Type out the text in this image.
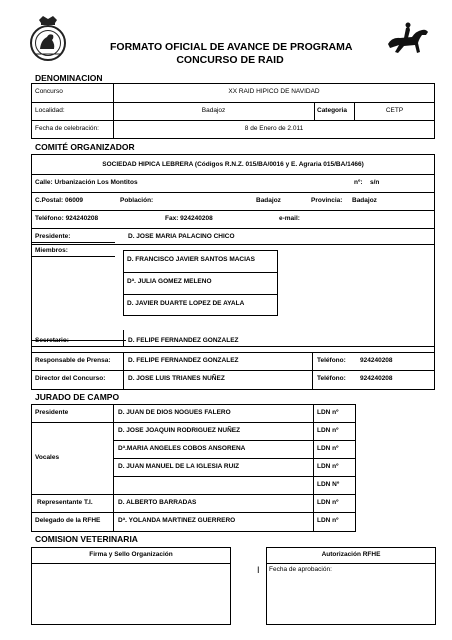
FORMATO OFICIAL DE AVANCE DE PROGRAMA
CONCURSO DE RAID
DENOMINACION
Concurso	XX RAID HIPICO DE NAVIDAD
Localidad:	Badajoz	Categoria	CETP
Fecha de celebración:	8 de Enero de 2.011
COMITÉ ORGANIZADOR
SOCIEDAD HIPICA LEBRERA (Códigos R.N.Z. 015/BA/0016 y E. Agraria 015/BA/1466)
Calle: Urbanización Los Montitos	nº: s/n
C.Postal: 06009	Población:	Badajoz	Provincia: Badajoz
Teléfono: 924240208	Fax: 924240208	e-mail:
Presidente:	D. JOSE MARIA PALACINO CHICO
Miembros:
D. FRANCISCO JAVIER SANTOS MACIAS
Dª. JULIA GOMEZ MELENO
D. JAVIER DUARTE LOPEZ DE AYALA
Secretario:	D. FELIPE FERNANDEZ GONZALEZ
Responsable de Prensa:	D. FELIPE FERNANDEZ GONZALEZ	Teléfono: 924240208
Director del Concurso:	D. JOSE LUIS TRIANES NUÑEZ	Teléfono: 924240208
JURADO DE CAMPO
Presidente	D. JUAN DE DIOS NOGUES FALERO	LDN nº
Vocales
D. JOSE JOAQUIN RODRIGUEZ NUÑEZ	LDN nº
Dª.MARIA ANGELES COBOS ANSORENA	LDN nº
D. JUAN MANUEL DE LA IGLESIA RUIZ	LDN nº
LDN Nº
Representante T.I.	D. ALBERTO BARRADAS	LDN nº
Delegado de la RFHE	Dª. YOLANDA MARTINEZ GUERRERO	LDN nº
COMISION VETERINARIA
Firma y Sello Organización
I
Autorización RFHE
Fecha de aprobación:
